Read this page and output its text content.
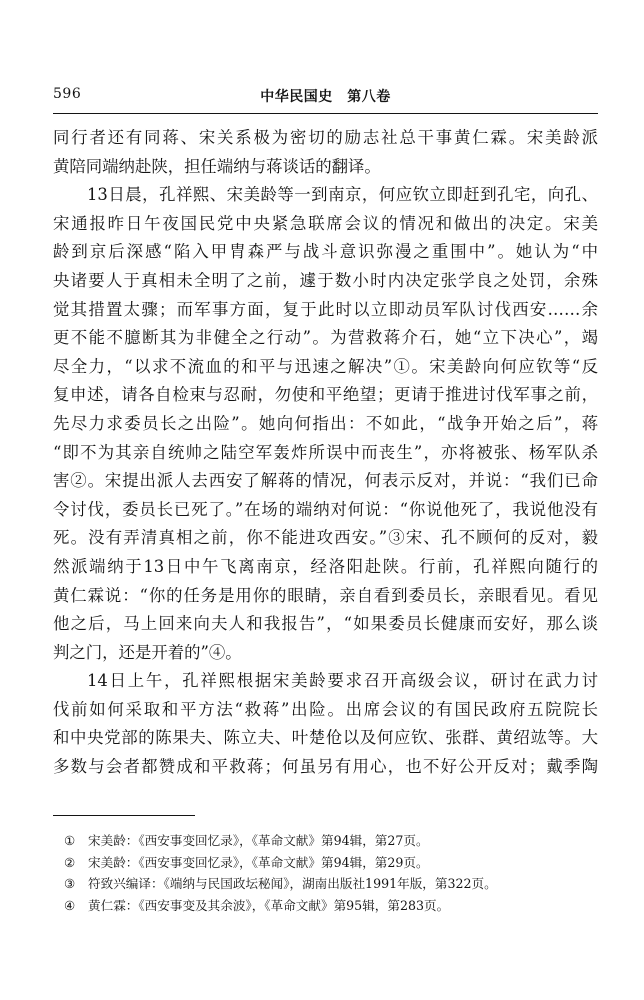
596	中华民国史　第八卷
同行者还有同蒋、宋关系极为密切的励志社总干事黄仁霖。宋美龄派
黄陪同端纳赴陕，担任端纳与蒋谈话的翻译。
13日晨，孔祥熙、宋美龄等一到南京，何应钦立即赶到孔宅，向孔、
宋通报昨日午夜国民党中央紧急联席会议的情况和做出的决定。宋美
龄到京后深感“陷入甲胄森严与战斗意识弥漫之重围中”。她认为“中
央诸要人于真相未全明了之前，遽于数小时内决定张学良之处罚，余殊
觉其措置太骤；而军事方面，复于此时以立即动员军队讨伐西安……余
更不能不臆断其为非健全之行动”。为营救蒋介石，她“立下决心”，竭
尽全力，“以求不流血的和平与迅速之解决”①。宋美龄向何应钦等“反
复申述，请各自检束与忍耐，勿使和平绝望；更请于推进讨伐军事之前，
先尽力求委员长之出险”。她向何指出：不如此，“战争开始之后”，蒋
“即不为其亲自统帅之陆空军轰炸所误中而丧生”，亦将被张、杨军队杀
害②。宋提出派人去西安了解蒋的情况，何表示反对，并说：“我们已命
令讨伐，委员长已死了。”在场的端纳对何说：“你说他死了，我说他没有
死。没有弄清真相之前，你不能进攻西安。”③宋、孔不顾何的反对，毅
然派端纳于13日中午飞离南京，经洛阳赴陕。行前，孔祥熙向随行的
黄仁霖说：“你的任务是用你的眼睛，亲自看到委员长，亲眼看见。看见
他之后，马上回来向夫人和我报告”，“如果委员长健康而安好，那么谈
判之门，还是开着的”④。
14日上午，孔祥熙根据宋美龄要求召开高级会议，研讨在武力讨
伐前如何采取和平方法“救蒋”出险。出席会议的有国民政府五院院长
和中央党部的陈果夫、陈立夫、叶楚伧以及何应钦、张群、黄绍竑等。大
多数与会者都赞成和平救蒋；何虽另有用心，也不好公开反对；戴季陶
① 宋美龄：《西安事变回忆录》，《革命文献》第94辑，第27页。
② 宋美龄：《西安事变回忆录》，《革命文献》第94辑，第29页。
③ 符致兴编译：《端纳与民国政坛秘闻》，湖南出版社1991年版，第322页。
④ 黄仁霖：《西安事变及其余波》，《革命文献》第95辑，第283页。
